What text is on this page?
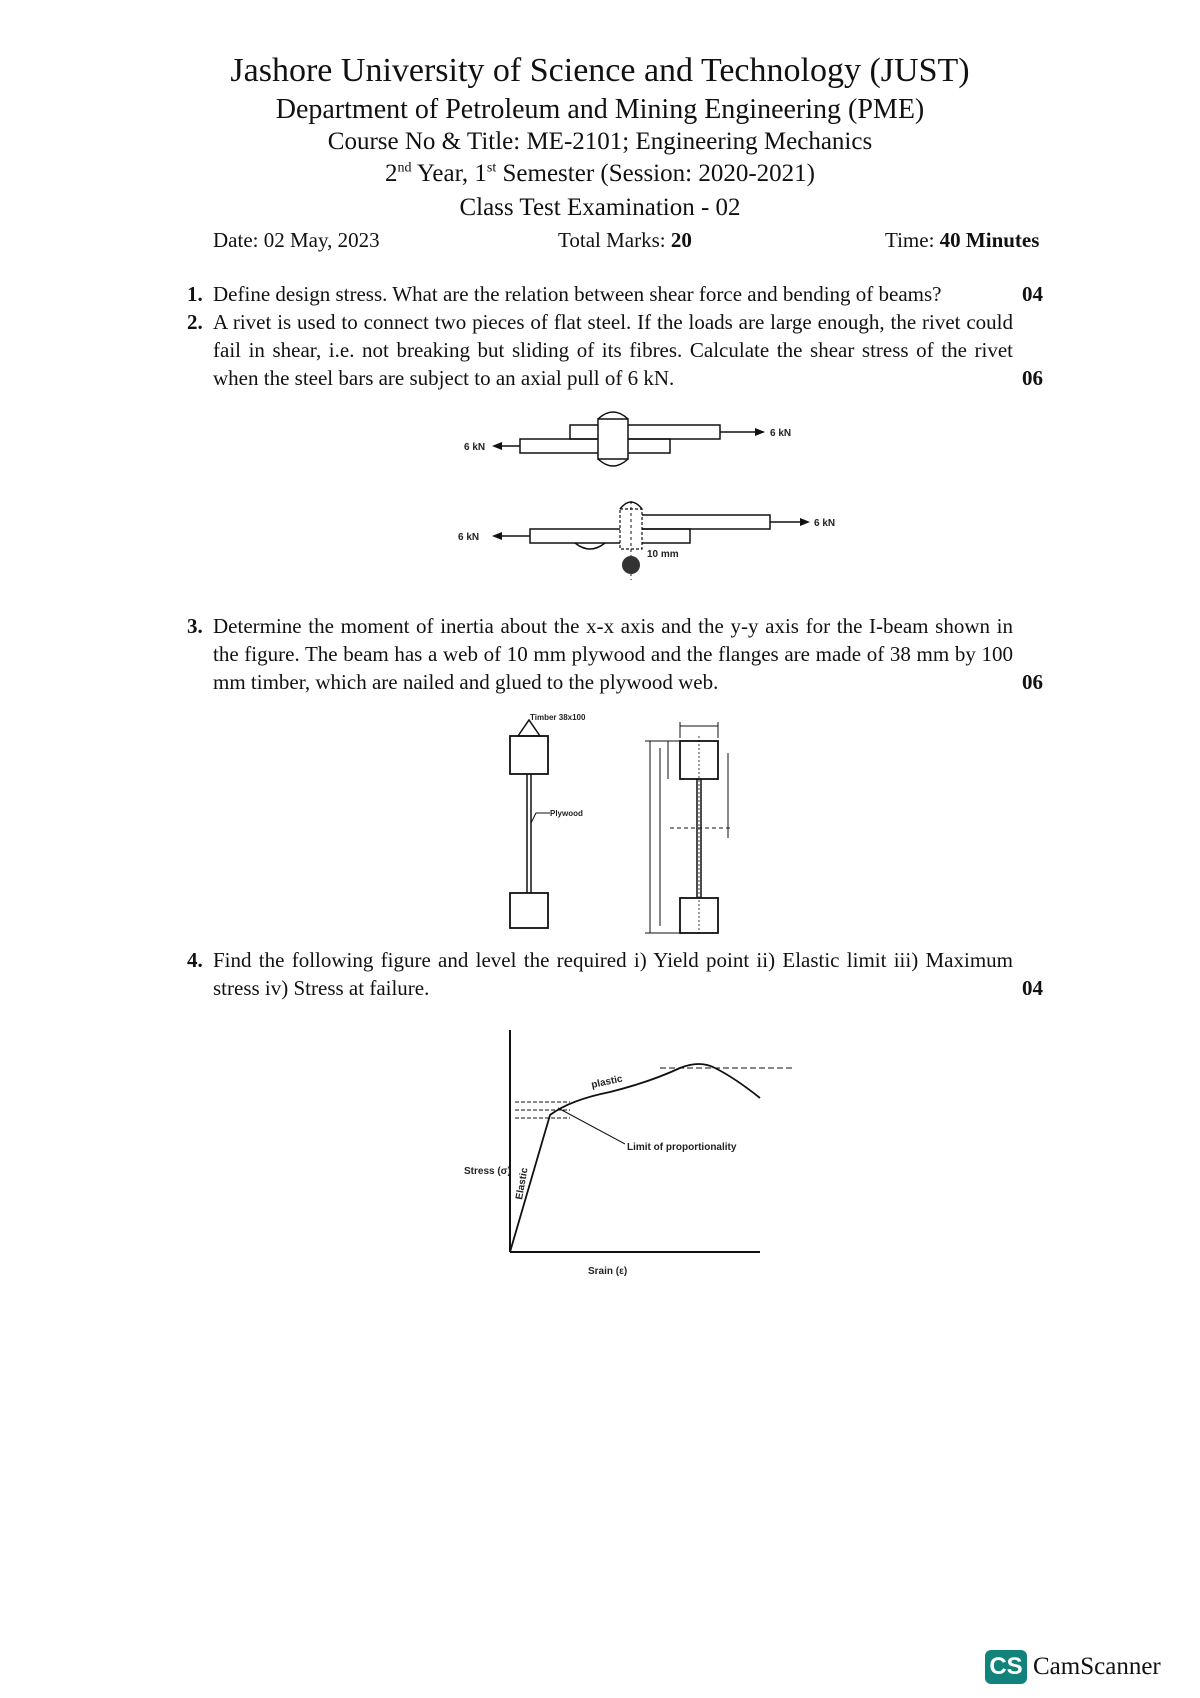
Jashore University of Science and Technology (JUST)
Department of Petroleum and Mining Engineering (PME)
Course No & Title: ME-2101; Engineering Mechanics
2nd Year, 1st Semester (Session: 2020-2021)
Class Test Examination - 02
Date: 02 May, 2023	Total Marks: 20	Time: 40 Minutes
1. Define design stress. What are the relation between shear force and bending of beams?	04
2. A rivet is used to connect two pieces of flat steel. If the loads are large enough, the rivet could fail in shear, i.e. not breaking but sliding of its fibres. Calculate the shear stress of the rivet when the steel bars are subject to an axial pull of 6 kN.	06
6 kN
6 kN
6 kN
6 kN
10 mm
3. Determine the moment of inertia about the x-x axis and the y-y axis for the I-beam shown in the figure. The beam has a web of 10 mm plywood and the flanges are made of 38 mm by 100 mm timber, which are nailed and glued to the plywood web.	06
Timber 38x100
Plywood
4. Find the following figure and level the required i) Yield point ii) Elastic limit iii) Maximum stress iv) Stress at failure.	04
plastic
Elastic
Limit of proportionality
Stress (σ)
Srain (ε)
CS CamScanner
